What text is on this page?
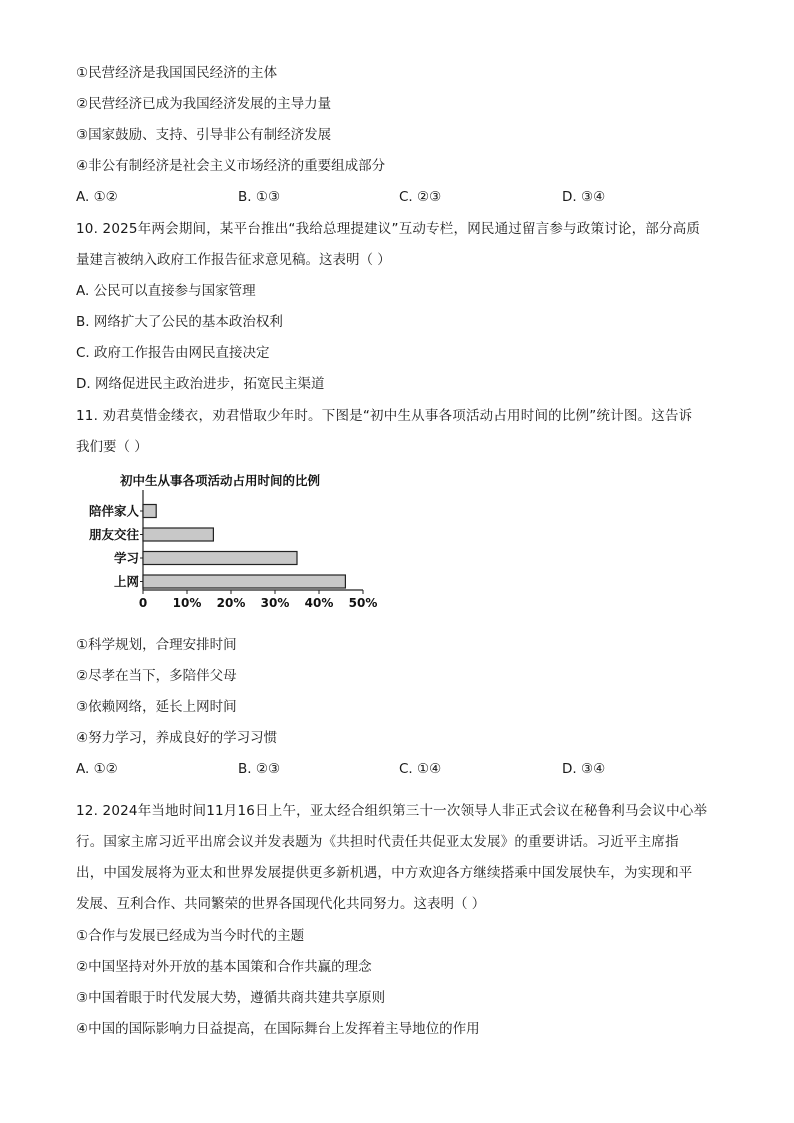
①民营经济是我国国民经济的主体
②民营经济已成为我国经济发展的主导力量
③国家鼓励、支持、引导非公有制经济发展
④非公有制经济是社会主义市场经济的重要组成部分
A. ①②	B. ①③	C. ②③	D. ③④
10. 2025年两会期间，某平台推出“我给总理提建议”互动专栏，网民通过留言参与政策讨论，部分高质
量建言被纳入政府工作报告征求意见稿。这表明（ ）
A. 公民可以直接参与国家管理
B. 网络扩大了公民的基本政治权利
C. 政府工作报告由网民直接决定
D. 网络促进民主政治进步，拓宽民主渠道
11. 劝君莫惜金缕衣，劝君惜取少年时。下图是“初中生从事各项活动占用时间的比例”统计图。这告诉
我们要（ ）
初中生从事各项活动占用时间的比例
陪伴家人
朋友交往
学习
上网
0 10% 20% 30% 40% 50%
①科学规划，合理安排时间
②尽孝在当下，多陪伴父母
③依赖网络，延长上网时间
④努力学习，养成良好的学习习惯
A. ①②	B. ②③	C. ①④	D. ③④
12. 2024年当地时间11月16日上午，亚太经合组织第三十一次领导人非正式会议在秘鲁利马会议中心举
行。国家主席习近平出席会议并发表题为《共担时代责任共促亚太发展》的重要讲话。习近平主席指
出，中国发展将为亚太和世界发展提供更多新机遇，中方欢迎各方继续搭乘中国发展快车，为实现和平
发展、互利合作、共同繁荣的世界各国现代化共同努力。这表明（ ）
①合作与发展已经成为当今时代的主题
②中国坚持对外开放的基本国策和合作共赢的理念
③中国着眼于时代发展大势，遵循共商共建共享原则
④中国的国际影响力日益提高，在国际舞台上发挥着主导地位的作用
